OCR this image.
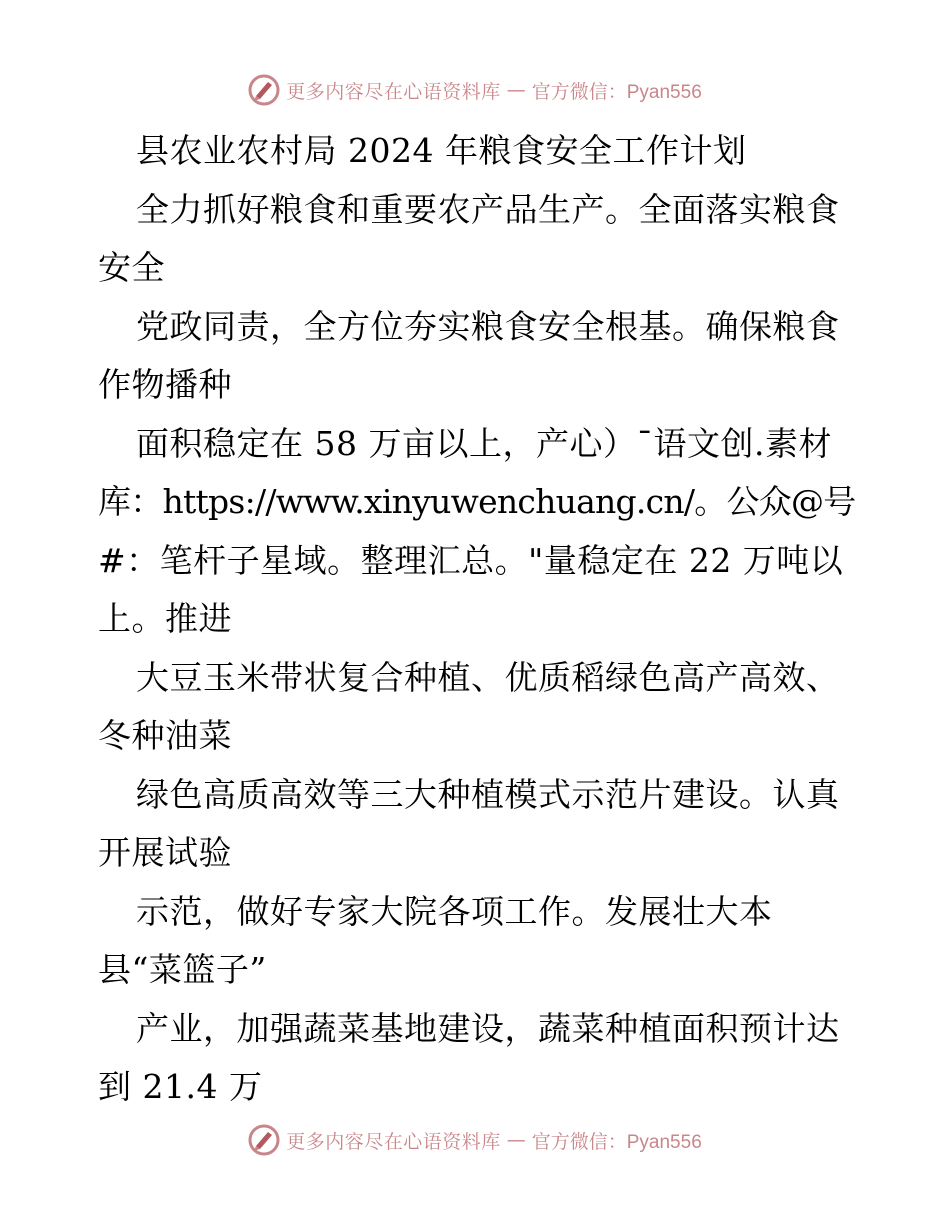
更多内容尽在心语资料库 — 官方微信：Pyan556
县农业农村局 2024 年粮食安全工作计划
全力抓好粮食和重要农产品生产。全面落实粮食
安全
党政同责，全方位夯实粮食安全根基。确保粮食
作物播种
面积稳定在 58 万亩以上，产心）¯语文创.素材
库：https://www.xinyuwenchuang.cn/。公众@号
#：笔杆子星域。整理汇总。"量稳定在 22 万吨以
上。推进
大豆玉米带状复合种植、优质稻绿色高产高效、
冬种油菜
绿色高质高效等三大种植模式示范片建设。认真
开展试验
示范，做好专家大院各项工作。发展壮大本
县“菜篮子”
产业，加强蔬菜基地建设，蔬菜种植面积预计达
到 21.4 万
更多内容尽在心语资料库 — 官方微信：Pyan556
